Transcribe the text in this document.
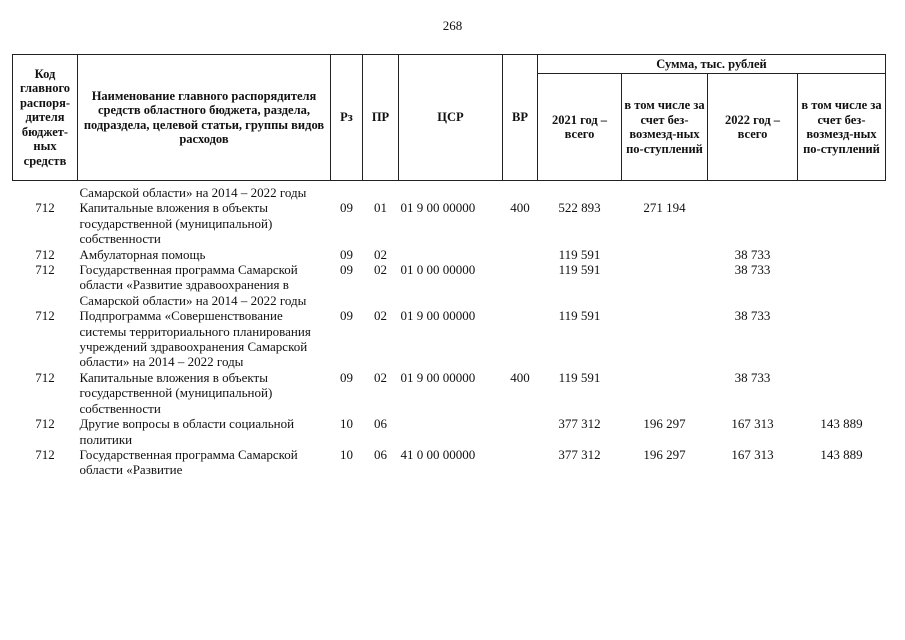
268
Код главного распоря-дителя бюджет-ных средств	Наименование главного распорядителя средств областного бюджета, раздела, подраздела, целевой статьи, группы видов расходов	Рз	ПР	ЦСР	ВР	Сумма, тыс. рублей			
						2021 год – всего	в том числе за счет без-возмезд-ных по-ступлений	2022 год – всего	в том числе за счет без-возмезд-ных по-ступлений
	Самарской области» на 2014 – 2022 годы								
712	Капитальные вложения в объекты государственной (муниципальной) собственности	09	01	01 9 00 00000	400	522 893	271 194		
712	Амбулаторная помощь	09	02			119 591		38 733	
712	Государственная программа Самарской области «Развитие здравоохранения в Самарской области» на 2014 – 2022 годы	09	02	01 0 00 00000		119 591		38 733	
712	Подпрограмма «Совершенствование системы территориального планирования учреждений здравоохранения Самарской области» на 2014 – 2022 годы	09	02	01 9 00 00000		119 591		38 733	
712	Капитальные вложения в объекты государственной (муниципальной) собственности	09	02	01 9 00 00000	400	119 591		38 733	
712	Другие вопросы в области социальной политики	10	06			377 312	196 297	167 313	143 889
712	Государственная программа Самарской области «Развитие	10	06	41 0 00 00000		377 312	196 297	167 313	143 889
